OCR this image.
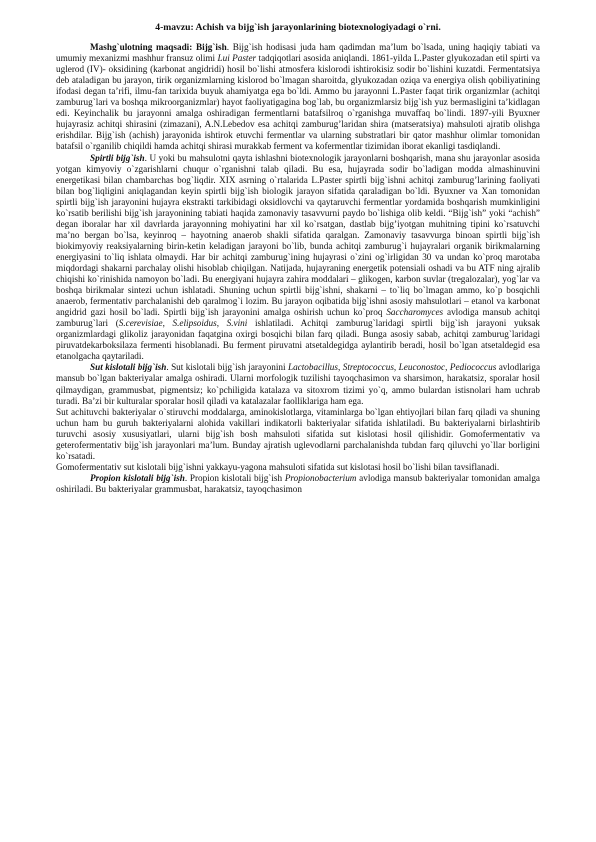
4-mavzu: Achish va bijg`ish jarayonlarining biotexnologiyadagi o`rni.

Mashg`ulotning maqsadi: Bijg`ish. Bijg`ish hodisasi juda ham qadimdan ma’lum bo`lsada, uning haqiqiy tabiati va umumiy mexanizmi mashhur fransuz olimi Lui Paster tadqiqotlari asosida aniqlandi. 1861-yilda L.Paster glyukozadan etil spirti va uglerod (IV)- oksidining (karbonat angidridi) hosil bo`lishi atmosfera kislorodi ishtirokisiz sodir bo`lishini kuzatdi. Fermentatsiya deb ataladigan bu jarayon, tirik organizmlarning kislorod bo`lmagan sharoitda, glyukozadan oziqa va energiya olish qobiliyatining ifodasi degan ta’rifi, ilmu-fan tarixida buyuk ahamiyatga ega bo`ldi. Ammo bu jarayonni L.Paster faqat tirik organizmlar (achitqi zamburug`lari va boshqa mikroorganizmlar) hayot faoliyatigagina bog`lab, bu organizmlarsiz bijg`ish yuz bermasligini ta’kidlagan edi. Keyinchalik bu jarayonni amalga oshiradigan fermentlarni batafsilroq o`rganishga muvaffaq bo`lindi. 1897-yili Byuxner hujayrasiz achitqi shirasini (zimazani), A.N.Lebedov esa achitqi zamburug’laridan shira (matseratsiya) mahsuloti ajratib olishga erishdilar. Bijg`ish (achish) jarayonida ishtirok etuvchi fermentlar va ularning substratlari bir qator mashhur olimlar tomonidan batafsil o`rganilib chiqildi hamda achitqi shirasi murakkab ferment va kofermentlar tizimidan iborat ekanligi tasdiqlandi.

Spirtli bijg`ish. U yoki bu mahsulotni qayta ishlashni biotexnologik jarayonlarni boshqarish, mana shu jarayonlar asosida yotgan kimyoviy o`zgarishlarni chuqur o`rganishni talab qiladi. Bu esa, hujayrada sodir bo`ladigan modda almashinuvini energetikasi bilan chambarchas bog`liqdir. XIX asrning o`rtalarida L.Paster spirtli bijg`ishni achitqi zamburug’larining faoliyati bilan bog`liqligini aniqlagandan keyin spirtli bijg`ish biologik jarayon sifatida qaraladigan bo`ldi. Byuxner va Xan tomonidan spirtli bijg`ish jarayonini hujayra ekstrakti tarkibidagi oksidlovchi va qaytaruvchi fermentlar yordamida boshqarish mumkinligini ko`rsatib berilishi bijg`ish jarayonining tabiati haqida zamonaviy tasavvurni paydo bo`lishiga olib keldi. “Bijg`ish” yoki “achish” degan iboralar har xil davrlarda jarayonning mohiyatini har xil ko`rsatgan, dastlab bijg’iyotgan muhitning tipini ko`rsatuvchi ma’no bergan bo`lsa, keyinroq – hayotning anaerob shakli sifatida qaralgan. Zamonaviy tasavvurga binoan spirtli bijg`ish biokimyoviy reaksiyalarning birin-ketin keladigan jarayoni bo`lib, bunda achitqi zamburug`i hujayralari organik birikmalarning energiyasini to`liq ishlata olmaydi. Har bir achitqi zamburug`ining hujayrasi o`zini og`irligidan 30 va undan ko`proq marotaba miqdordagi shakarni parchalay olishi hisoblab chiqilgan. Natijada, hujayraning energetik potensiali oshadi va bu ATF ning ajralib chiqishi ko`rinishida namoyon bo`ladi. Bu energiyani hujayra zahira moddalari – glikogen, karbon suvlar (tregalozalar), yog`lar va boshqa birikmalar sintezi uchun ishlatadi. Shuning uchun spirtli bijg`ishni, shakarni – to`liq bo`lmagan ammo, ko`p bosqichli anaerob, fermentativ parchalanishi deb qaralmog`i lozim. Bu jarayon oqibatida bijg`ishni asosiy mahsulotlari – etanol va karbonat angidrid gazi hosil bo`ladi. Spirtli bijg`ish jarayonini amalga oshirish uchun ko`proq Saccharomyces avlodiga mansub achitqi zamburug`lari (S.cerevisiae, S.elipsoidus, S.vini ishlatiladi. Achitqi zamburug`laridagi spirtli bijg`ish jarayoni yuksak organizmlardagi glikoliz jarayonidan faqatgina oxirgi bosqichi bilan farq qiladi. Bunga asosiy sabab, achitqi zamburug`laridagi piruvatdekarboksilaza fermenti hisoblanadi. Bu ferment piruvatni atsetaldegidga aylantirib beradi, hosil bo`lgan atsetaldegid esa etanolgacha qaytariladi.

Sut kislotali bijg`ish. Sut kislotali bijg`ish jarayonini Lactobacillus, Streptococcus, Leuconostoc, Pediococcus avlodlariga mansub bo`lgan bakteriyalar amalga oshiradi. Ularni morfologik tuzilishi tayoqchasimon va sharsimon, harakatsiz, sporalar hosil qilmaydigan, grammusbat, pigmentsiz; ko`pchiligida katalaza va sitoxrom tizimi yo`q, ammo bulardan istisnolari ham uchrab turadi. Ba’zi bir kulturalar sporalar hosil qiladi va katalazalar faolliklariga ham ega.

Sut achituvchi bakteriyalar o`stiruvchi moddalarga, aminokislotlarga, vitaminlarga bo`lgan ehtiyojlari bilan farq qiladi va shuning uchun ham bu guruh bakteriyalarni alohida vakillari indikatorli bakteriyalar sifatida ishlatiladi. Bu bakteriyalarni birlashtirib turuvchi asosiy xususiyatlari, ularni bijg`ish bosh mahsuloti sifatida sut kislotasi hosil qilishidir. Gomofermentativ va geterofermentativ bijg`ish jarayonlari ma’lum. Bunday ajratish uglevodlarni parchalanishda tubdan farq qiluvchi yo`llar borligini ko`rsatadi.

Gomofermentativ sut kislotali bijg`ishni yakkayu-yagona mahsuloti sifatida sut kislotasi hosil bo`lishi bilan tavsiflanadi.

Propion kislotali bijg`ish. Propion kislotali bijg`ish Propionobacterium avlodiga mansub bakteriyalar tomonidan amalga oshiriladi. Bu bakteriyalar grammusbat, harakatsiz, tayoqchasimon
